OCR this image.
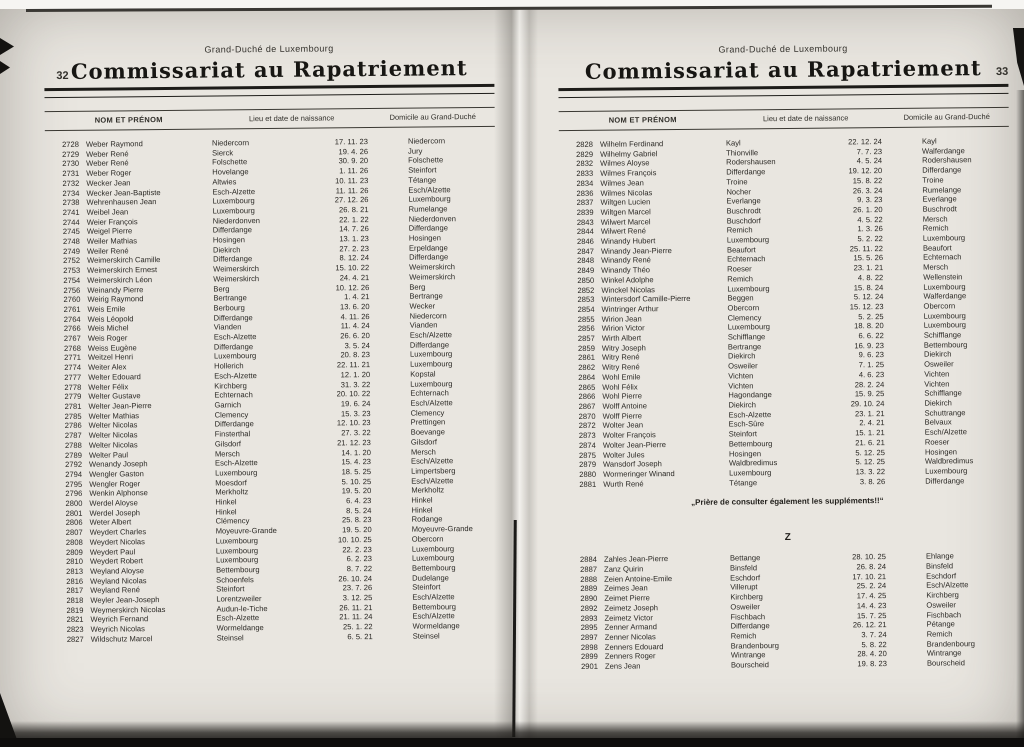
32
Grand-Duché de Luxembourg
Commissariat au Rapatriement
NOM ET PRÉNOM	Lieu et date de naissance	Domicile au Grand-Duché
2728 Weber Raymond	Niedercorn	17. 11. 23	Niedercorn
2729 Weber René	Sierck	19. 4. 26	Jury
2730 Weber René	Folschette	30. 9. 20	Folschette
2731 Weber Roger	Hovelange	1. 11. 26	Steinfort
2732 Wecker Jean	Altwies	10. 11. 23	Tétange
2734 Wecker Jean-Baptiste	Esch-Alzette	11. 11. 26	Esch/Alzette
2738 Wehrenhausen Jean	Luxembourg	27. 12. 26	Luxembourg
2741 Weibel Jean	Luxembourg	26. 8. 21	Rumelange
2744 Weier François	Niederdonven	22. 1. 22	Niederdonven
2745 Weigel Pierre	Differdange	14. 7. 26	Differdange
2748 Weiler Mathias	Hosingen	13. 1. 23	Hosingen
2749 Weiler René	Diekirch	27. 2. 23	Erpeldange
2752 Weimerskirch Camille	Differdange	8. 12. 24	Differdange
2753 Weimerskirch Ernest	Weimerskirch	15. 10. 22	Weimerskirch
2754 Weimerskirch Léon	Weimerskirch	24. 4. 21	Weimerskirch
2756 Weinandy Pierre	Berg	10. 12. 26	Berg
2760 Weirig Raymond	Bertrange	1. 4. 21	Bertrange
2761 Weis Emile	Berbourg	13. 6. 20	Wecker
2764 Weis Léopold	Differdange	4. 11. 26	Niedercorn
2766 Weis Michel	Vianden	11. 4. 24	Vianden
2767 Weis Roger	Esch-Alzette	26. 6. 20	Esch/Alzette
2768 Weiss Eugène	Differdange	3. 5. 24	Differdange
2771 Weitzel Henri	Luxembourg	20. 8. 23	Luxembourg
2774 Weiter Alex	Hollerich	22. 11. 21	Luxembourg
2777 Welter Edouard	Esch-Alzette	12. 1. 20	Kopstal
2778 Welter Félix	Kirchberg	31. 3. 22	Luxembourg
2779 Welter Gustave	Echternach	20. 10. 22	Echternach
2781 Welter Jean-Pierre	Garnich	19. 6. 24	Esch/Alzette
2785 Welter Mathias	Clemency	15. 3. 23	Clemency
2786 Welter Nicolas	Differdange	12. 10. 23	Prettingen
2787 Welter Nicolas	Finsterthal	27. 3. 22	Boevange
2788 Welter Nicolas	Gilsdorf	21. 12. 23	Gilsdorf
2789 Welter Paul	Mersch	14. 1. 20	Mersch
2792 Wenandy Joseph	Esch-Alzette	15. 4. 23	Esch/Alzette
2794 Wengler Gaston	Luxembourg	18. 5. 25	Limpertsberg
2795 Wengler Roger	Moesdorf	5. 10. 25	Esch/Alzette
2796 Wenkin Alphonse	Merkholtz	19. 5. 20	Merkholtz
2800 Werdel Aloyse	Hinkel	6. 4. 23	Hinkel
2801 Werdel Joseph	Hinkel	8. 5. 24	Hinkel
2806 Weter Albert	Clémency	25. 8. 23	Rodange
2807 Weydert Charles	Moyeuvre-Grande	19. 5. 20	Moyeuvre-Grande
2808 Weydert Nicolas	Luxembourg	10. 10. 25	Obercorn
2809 Weydert Paul	Luxembourg	22. 2. 23	Luxembourg
2810 Weydert Robert	Luxembourg	6. 2. 23	Luxembourg
2813 Weyland Aloyse	Bettembourg	8. 7. 22	Bettembourg
2816 Weyland Nicolas	Schoenfels	26. 10. 24	Dudelange
2817 Weyland René	Steinfort	23. 7. 26	Steinfort
2818 Weyler Jean-Joseph	Lorentzweiler	3. 12. 25	Esch/Alzette
2819 Weymerskirch Nicolas	Audun-le-Tiche	26. 11. 21	Bettembourg
2821 Weyrich Fernand	Esch-Alzette	21. 11. 24	Esch/Alzette
2823 Weyrich Nicolas	Wormeldange	25. 1. 22	Wormeldange
2827 Wildschutz Marcel	Steinsel	6. 5. 21	Steinsel
33
Grand-Duché de Luxembourg
Commissariat au Rapatriement
NOM ET PRÉNOM	Lieu et date de naissance	Domicile au Grand-Duché
2828 Wilhelm Ferdinand	Kayl	22. 12. 24	Kayl
2829 Wilhelmy Gabriel	Thionville	7. 7. 23	Walferdange
2832 Wilmes Aloyse	Rodershausen	4. 5. 24	Rodershausen
2833 Wilmes François	Differdange	19. 12. 20	Differdange
2834 Wilmes Jean	Troine	15. 8. 22	Troine
2836 Wilmes Nicolas	Nocher	26. 3. 24	Rumelange
2837 Wiltgen Lucien	Everlange	9. 3. 23	Everlange
2839 Wiltgen Marcel	Buschrodt	26. 1. 20	Buschrodt
2843 Wilwert Marcel	Buschdorf	4. 5. 22	Mersch
2844 Wilwert René	Remich	1. 3. 26	Remich
2846 Winandy Hubert	Luxembourg	5. 2. 22	Luxembourg
2847 Winandy Jean-Pierre	Beaufort	25. 11. 22	Beaufort
2848 Winandy René	Echternach	15. 5. 26	Echternach
2849 Winandy Théo	Roeser	23. 1. 21	Mersch
2850 Winkel Adolphe	Remich	4. 8. 22	Wellenstein
2852 Winckel Nicolas	Luxembourg	15. 8. 24	Luxembourg
2853 Wintersdorf Camille-Pierre	Beggen	5. 12. 24	Walferdange
2854 Wintringer Arthur	Obercorn	15. 12. 23	Obercorn
2855 Wirion Jean	Clemency	5. 2. 25	Luxembourg
2856 Wirion Victor	Luxembourg	18. 8. 20	Luxembourg
2857 Wirth Albert	Schifflange	6. 6. 22	Schifflange
2859 Witry Joseph	Bertrange	16. 9. 23	Bettembourg
2861 Witry René	Diekirch	9. 6. 23	Diekirch
2862 Witry René	Osweiler	7. 1. 25	Osweiler
2864 Wohl Emile	Vichten	4. 6. 23	Vichten
2865 Wohl Félix	Vichten	28. 2. 24	Vichten
2866 Wohl Pierre	Hagondange	15. 9. 25	Schifflange
2867 Wolff Antoine	Diekirch	29. 10. 24	Diekirch
2870 Wolff Pierre	Esch-Alzette	23. 1. 21	Schuttrange
2872 Wolter Jean	Esch-Sûre	2. 4. 21	Belvaux
2873 Wolter François	Steinfort	15. 1. 21	Esch/Alzette
2874 Wolter Jean-Pierre	Bettembourg	21. 6. 21	Roeser
2875 Wolter Jules	Hosingen	5. 12. 25	Hosingen
2879 Wansdorf Joseph	Waldbredimus	5. 12. 25	Waldbredimus
2880 Wormeringer Winand	Luxembourg	13. 3. 22	Luxembourg
2881 Wurth René	Tétange	3. 8. 26	Differdange
„Prière de consulter également les suppléments!!“
Z
2884 Zahles Jean-Pierre	Bettange	28. 10. 25	Ehlange
2887 Zanz Quirin	Binsfeld	26. 8. 24	Binsfeld
2888 Zeien Antoine-Emile	Eschdorf	17. 10. 21	Eschdorf
2889 Zeimes Jean	Villerupt	25. 2. 24	Esch/Alzette
2890 Zeimet Pierre	Kirchberg	17. 4. 25	Kirchberg
2892 Zeimetz Joseph	Osweiler	14. 4. 23	Osweiler
2893 Zeimetz Victor	Fischbach	15. 7. 25	Fischbach
2895 Zenner Armand	Differdange	26. 12. 21	Pétange
2897 Zenner Nicolas	Remich	3. 7. 24	Remich
2898 Zenners Edouard	Brandenbourg	5. 8. 22	Brandenbourg
2899 Zenners Roger	Wintrange	28. 4. 20	Wintrange
2901 Zens Jean	Bourscheid	19. 8. 23	Bourscheid
